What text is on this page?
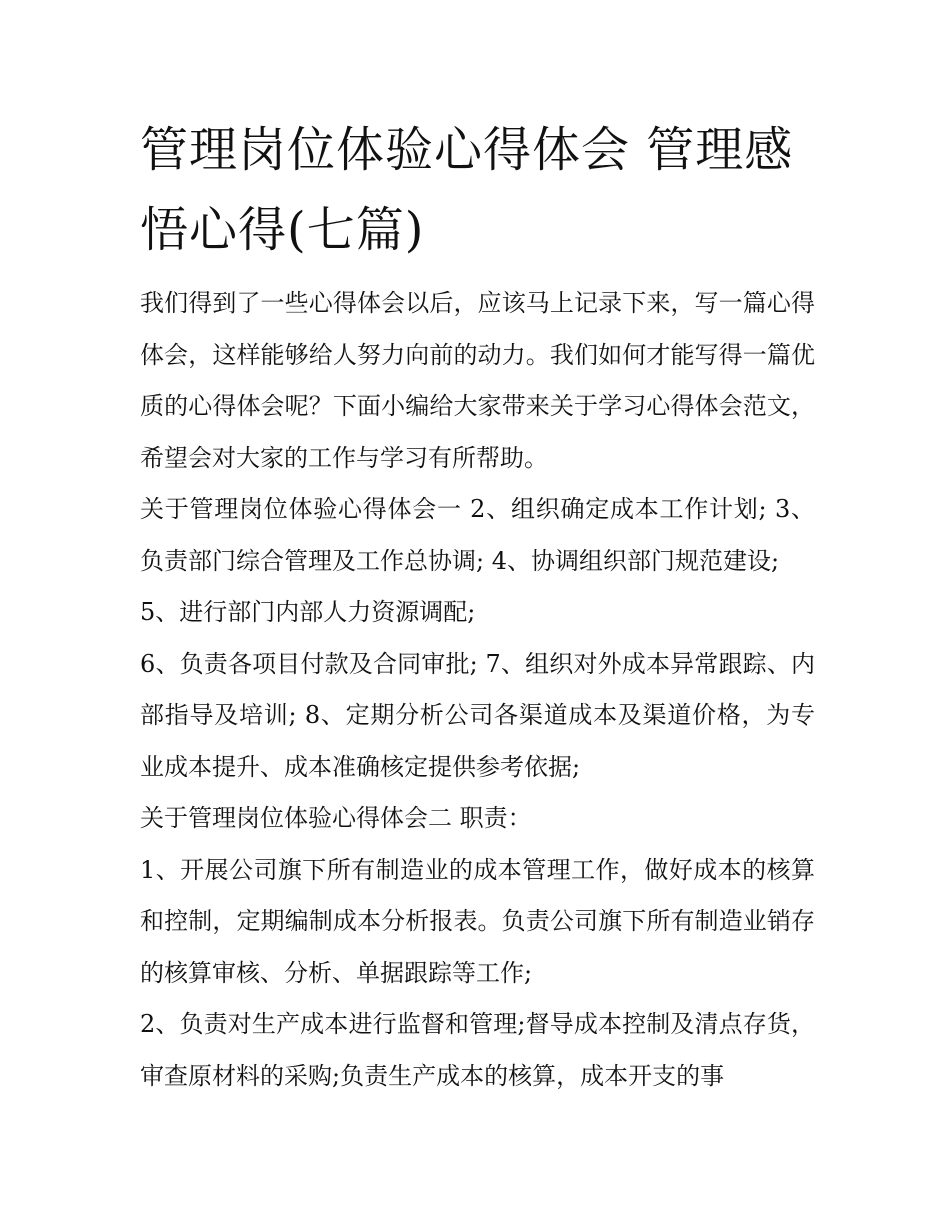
管理岗位体验心得体会 管理感悟心得(七篇)

我们得到了一些心得体会以后，应该马上记录下来，写一篇心得体会，这样能够给人努力向前的动力。我们如何才能写得一篇优质的心得体会呢？下面小编给大家带来关于学习心得体会范文，希望会对大家的工作与学习有所帮助。

关于管理岗位体验心得体会一 2、组织确定成本工作计划; 3、负责部门综合管理及工作总协调; 4、协调组织部门规范建设;

5、进行部门内部人力资源调配;

6、负责各项目付款及合同审批; 7、组织对外成本异常跟踪、内部指导及培训; 8、定期分析公司各渠道成本及渠道价格，为专业成本提升、成本准确核定提供参考依据;

关于管理岗位体验心得体会二 职责：

1、开展公司旗下所有制造业的成本管理工作，做好成本的核算和控制，定期编制成本分析报表。负责公司旗下所有制造业销存的核算审核、分析、单据跟踪等工作;

2、负责对生产成本进行监督和管理;督导成本控制及清点存货，审查原材料的采购;负责生产成本的核算，成本开支的事
